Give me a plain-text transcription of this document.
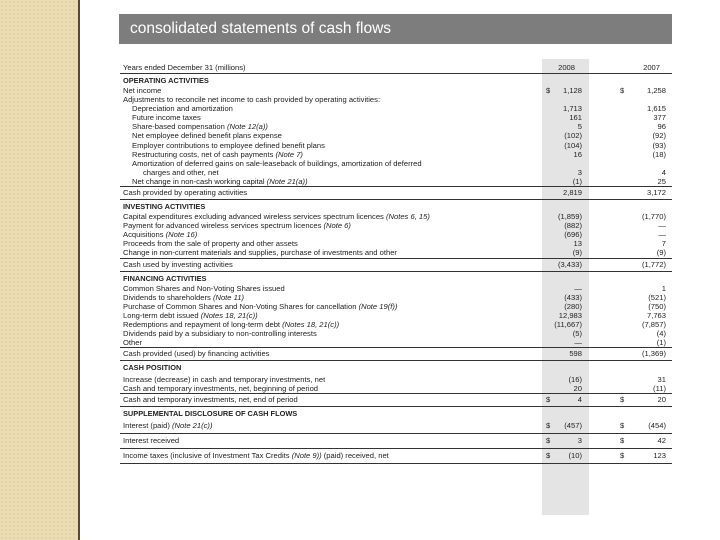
consolidated statements of cash flows
Years ended December 31 (millions)	2008	2007
OPERATING ACTIVITIES
Net income	$ 1,128	$	1,258
Adjustments to reconcile net income to cash provided by operating activities:
Depreciation and amortization	1,713	1,615
Future income taxes	161	377
Share-based compensation (Note 12(a))	5	96
Net employee defined benefit plans expense	(102)	(92)
Employer contributions to employee defined benefit plans	(104)	(93)
Restructuring costs, net of cash payments (Note 7)	16	(18)
Amortization of deferred gains on sale-leaseback of buildings, amortization of deferred
charges and other, net	3	4
Net change in non-cash working capital (Note 21(a))	(1)	25
Cash provided by operating activities	2,819	3,172
INVESTING ACTIVITIES
Capital expenditures excluding advanced wireless services spectrum licences (Notes 6, 15)	(1,859)	(1,770)
Payment for advanced wireless services spectrum licences (Note 6)	(882)	—
Acquisitions (Note 16)	(696)	—
Proceeds from the sale of property and other assets	13	7
Change in non-current materials and supplies, purchase of investments and other	(9)	(9)
Cash used by investing activities	(3,433)	(1,772)
FINANCING ACTIVITIES
Common Shares and Non-Voting Shares issued	—	1
Dividends to shareholders (Note 11)	(433)	(521)
Purchase of Common Shares and Non-Voting Shares for cancellation (Note 19(f))	(280)	(750)
Long-term debt issued (Notes 18, 21(c))	12,983	7,763
Redemptions and repayment of long-term debt (Notes 18, 21(c))	(11,667)	(7,857)
Dividends paid by a subsidiary to non-controlling interests	(5)	(4)
Other	—	(1)
Cash provided (used) by financing activities	598	(1,369)
CASH POSITION
Increase (decrease) in cash and temporary investments, net	(16)	31
Cash and temporary investments, net, beginning of period	20	(11)
Cash and temporary investments, net, end of period	$	4	$	20
SUPPLEMENTAL DISCLOSURE OF CASH FLOWS
Interest (paid) (Note 21(c))	$ (457)	$	(454)
Interest received	$	3	$	42
Income taxes (inclusive of Investment Tax Credits (Note 9)) (paid) received, net	$ (10)	$	123
